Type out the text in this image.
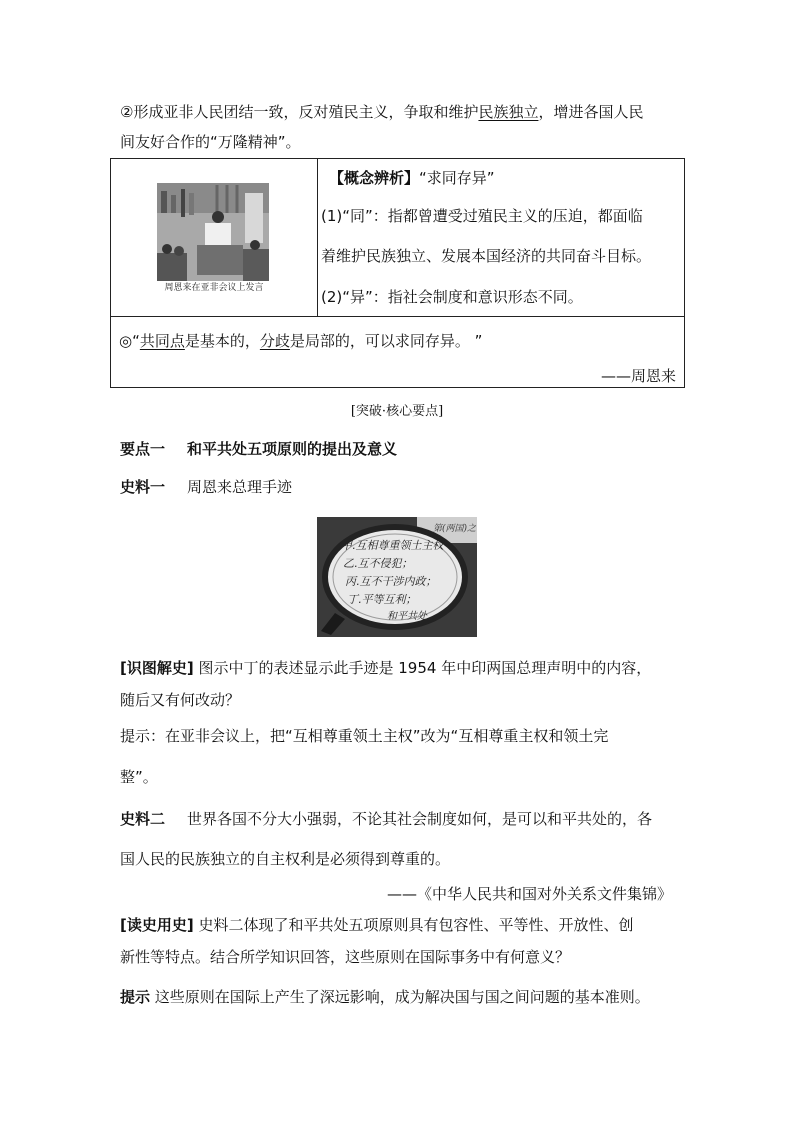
②形成亚非人民团结一致，反对殖民主义，争取和维护民族独立，增进各国人民
间友好合作的“万隆精神”。
周恩来在亚非会议上发言
【概念辨析】“求同存异”
(1)“同”：指都曾遭受过殖民主义的压迫，都面临
着维护民族独立、发展本国经济的共同奋斗目标。
(2)“异”：指社会制度和意识形态不同。
◎“共同点是基本的，分歧是局部的，可以求同存异。 ”
——周恩来
[突破·核心要点]
要点一 和平共处五项原则的提出及意义
史料一 周恩来总理手迹
第(两国)之
甲.互相尊重领土主权
乙.互不侵犯；
丙.互不干涉内政；
丁.平等互利；
和平共处
[识图解史] 图示中丁的表述显示此手迹是 1954 年中印两国总理声明中的内容，
随后又有何改动？
提示：在亚非会议上，把“互相尊重领土主权”改为“互相尊重主权和领土完
整”。
史料二 世界各国不分大小强弱，不论其社会制度如何，是可以和平共处的，各
国人民的民族独立的自主权利是必须得到尊重的。
——《中华人民共和国对外关系文件集锦》
[读史用史] 史料二体现了和平共处五项原则具有包容性、平等性、开放性、创
新性等特点。结合所学知识回答，这些原则在国际事务中有何意义？
提示 这些原则在国际上产生了深远影响，成为解决国与国之间问题的基本准则。
